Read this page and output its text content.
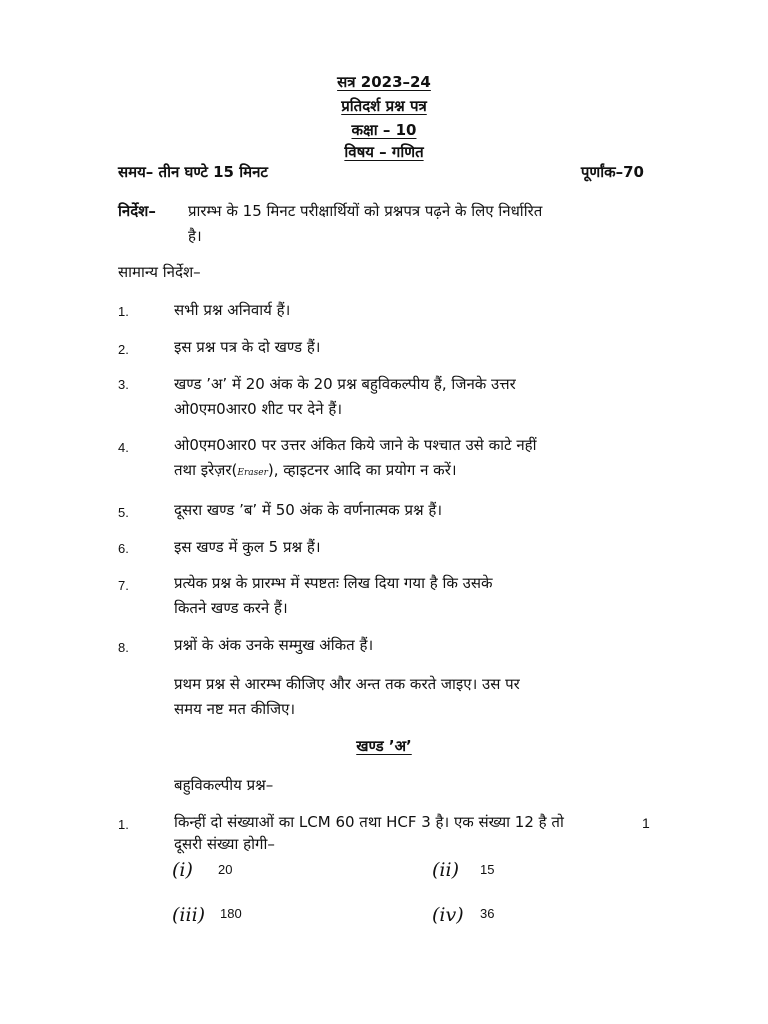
सत्र 2023–24
प्रतिदर्श प्रश्न पत्र
कक्षा – 10
विषय – गणित
समय– तीन घण्टे 15 मिनट	पूर्णांक–70
निर्देश– प्रारम्भ के 15 मिनट परीक्षार्थियों को प्रश्नपत्र पढ़ने के लिए निर्धारित
है।
सामान्य निर्देश–
1.	सभी प्रश्न अनिवार्य हैं।
2.	इस प्रश्न पत्र के दो खण्ड हैं।
3.	खण्ड ’अ’ में 20 अंक के 20 प्रश्न बहुविकल्पीय हैं, जिनके उत्तर
ओ0एम0आर0 शीट पर देने हैं।
4.	ओ0एम0आर0 पर उत्तर अंकित किये जाने के पश्चात उसे काटे नहीं
तथा इरेज़र(Eraser), व्हाइटनर आदि का प्रयोग न करें।
5.	दूसरा खण्ड ’ब’ में 50 अंक के वर्णनात्मक प्रश्न हैं।
6.	इस खण्ड में कुल 5 प्रश्न हैं।
7.	प्रत्येक प्रश्न के प्रारम्भ में स्पष्टतः लिख दिया गया है कि उसके
कितने खण्ड करने हैं।
8.	प्रश्नों के अंक उनके सम्मुख अंकित हैं।
प्रथम प्रश्न से आरम्भ कीजिए और अन्त तक करते जाइए। उस पर
समय नष्ट मत कीजिए।
खण्ड ’अ’
बहुविकल्पीय प्रश्न–
1.	किन्हीं दो संख्याओं का LCM 60 तथा HCF 3 है। एक संख्या 12 है तो
दूसरी संख्या होगी–
1
(i) 20	(ii) 15
(iii) 180	(iv) 36
